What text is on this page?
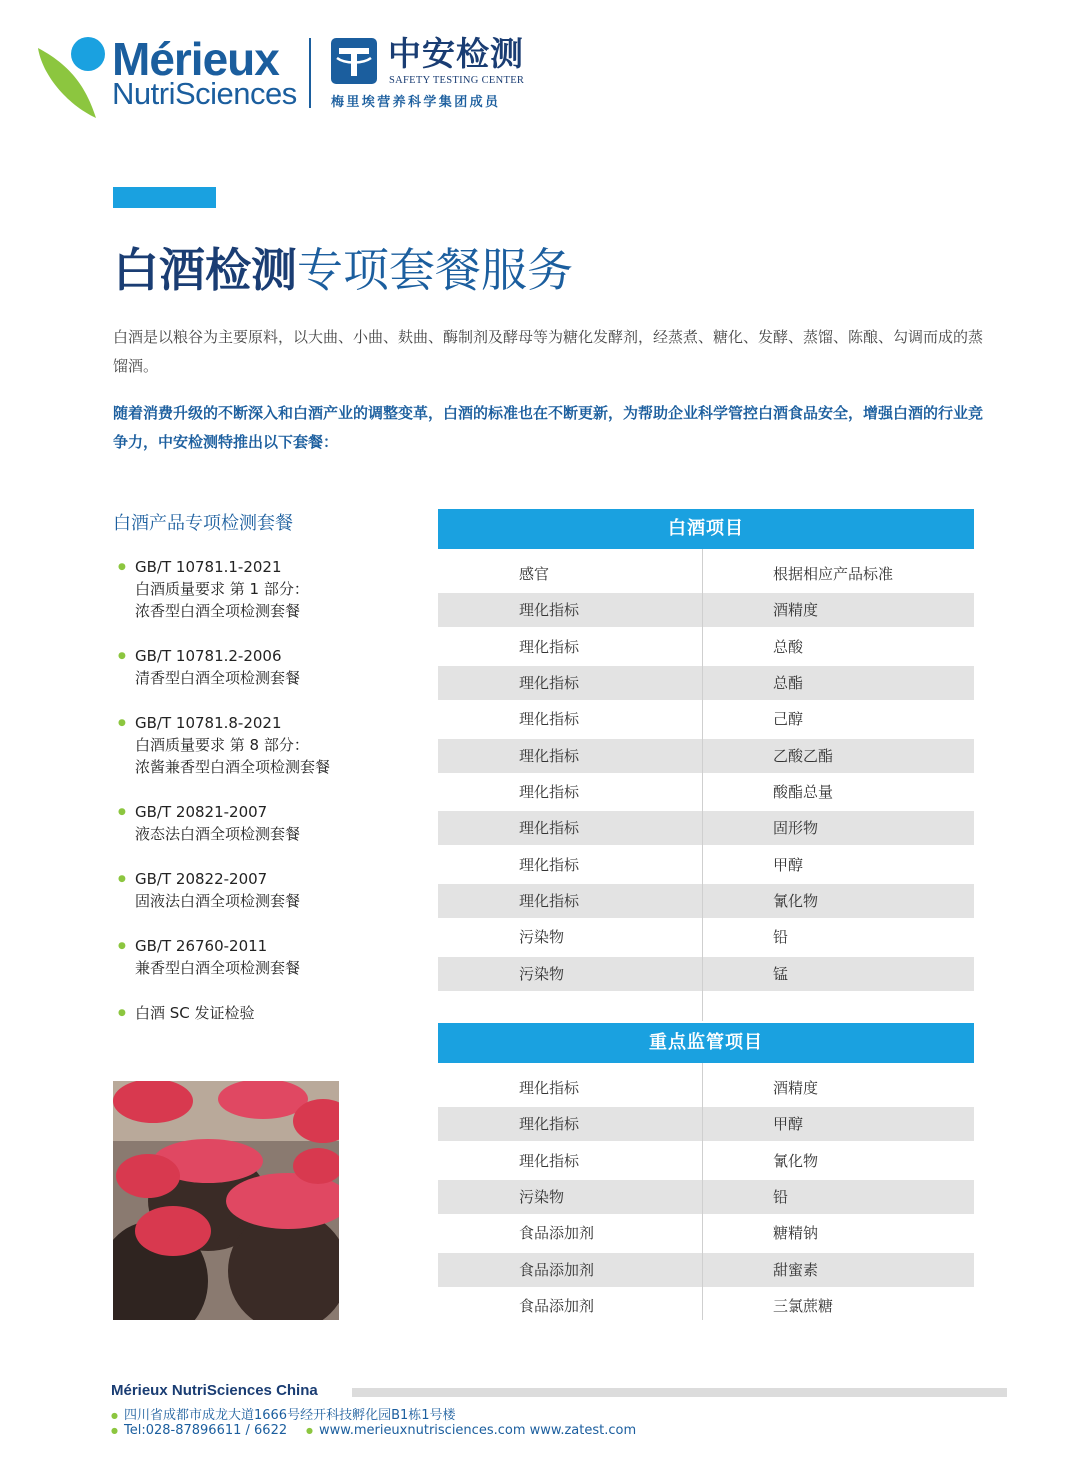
Mérieux
NutriSciences
中安检测
SAFETY TESTING CENTER
梅里埃营养科学集团成员
白酒检测专项套餐服务
白酒是以粮谷为主要原料，以大曲、小曲、麸曲、酶制剂及酵母等为糖化发酵剂，经蒸煮、糖化、发酵、蒸馏、陈酿、勾调而成的蒸馏酒。
随着消费升级的不断深入和白酒产业的调整变革，白酒的标准也在不断更新，为帮助企业科学管控白酒食品安全，增强白酒的行业竞争力，中安检测特推出以下套餐：
白酒产品专项检测套餐
● GB/T 10781.1-2021
白酒质量要求 第 1 部分：
浓香型白酒全项检测套餐
● GB/T 10781.2-2006
清香型白酒全项检测套餐
● GB/T 10781.8-2021
白酒质量要求 第 8 部分：
浓酱兼香型白酒全项检测套餐
● GB/T 20821-2007
液态法白酒全项检测套餐
● GB/T 20822-2007
固液法白酒全项检测套餐
● GB/T 26760-2011
兼香型白酒全项检测套餐
● 白酒 SC 发证检验
白酒项目
感官	根据相应产品标准
理化指标	酒精度
理化指标	总酸
理化指标	总酯
理化指标	己醇
理化指标	乙酸乙酯
理化指标	酸酯总量
理化指标	固形物
理化指标	甲醇
理化指标	氰化物
污染物	铅
污染物	锰
重点监管项目
理化指标	酒精度
理化指标	甲醇
理化指标	氰化物
污染物	铅
食品添加剂	糖精钠
食品添加剂	甜蜜素
食品添加剂	三氯蔗糖
Mérieux NutriSciences China
● 四川省成都市成龙大道1666号经开科技孵化园B1栋1号楼
● Tel:028-87896611 / 6622 ● www.merieuxnutrisciences.com www.zatest.com
